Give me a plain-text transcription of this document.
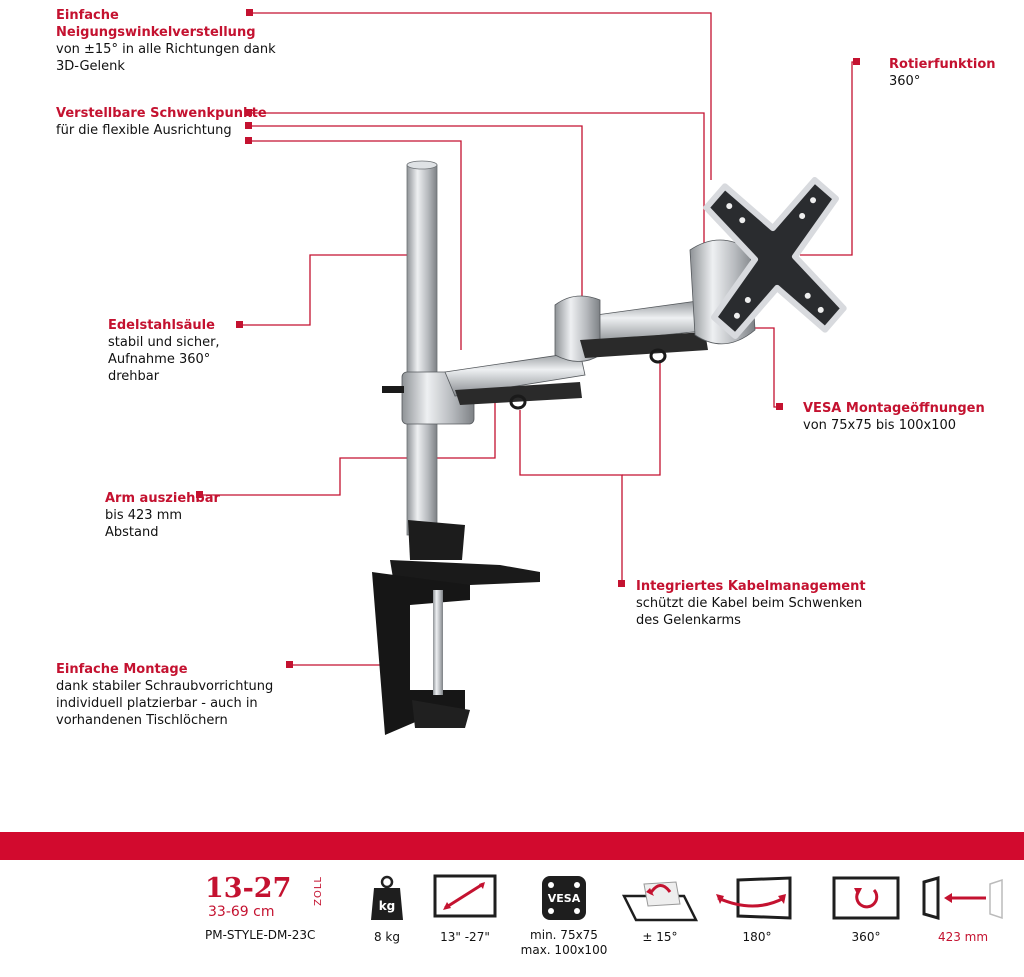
Einfache
Neigungswinkelverstellung
von ±15° in alle Richtungen dank
3D-Gelenk
Verstellbare Schwenkpunkte
für die flexible Ausrichtung
Edelstahlsäule
stabil und sicher,
Aufnahme 360°
drehbar
Arm ausziehbar
bis 423 mm
Abstand
Einfache Montage
dank stabiler Schraubvorrichtung
individuell platzierbar - auch in
vorhandenen Tischlöchern
Rotierfunktion
360°
VESA Montageöffnungen
von 75x75 bis 100x100
Integriertes Kabelmanagement
schützt die Kabel beim Schwenken
des Gelenkarms
13-27	ZOLL
33-69 cm
PM-STYLE-DM-23C
kg
8 kg	13" -27"
VESA
min. 75x75
max. 100x100
± 15°	180°	360°	423 mm
